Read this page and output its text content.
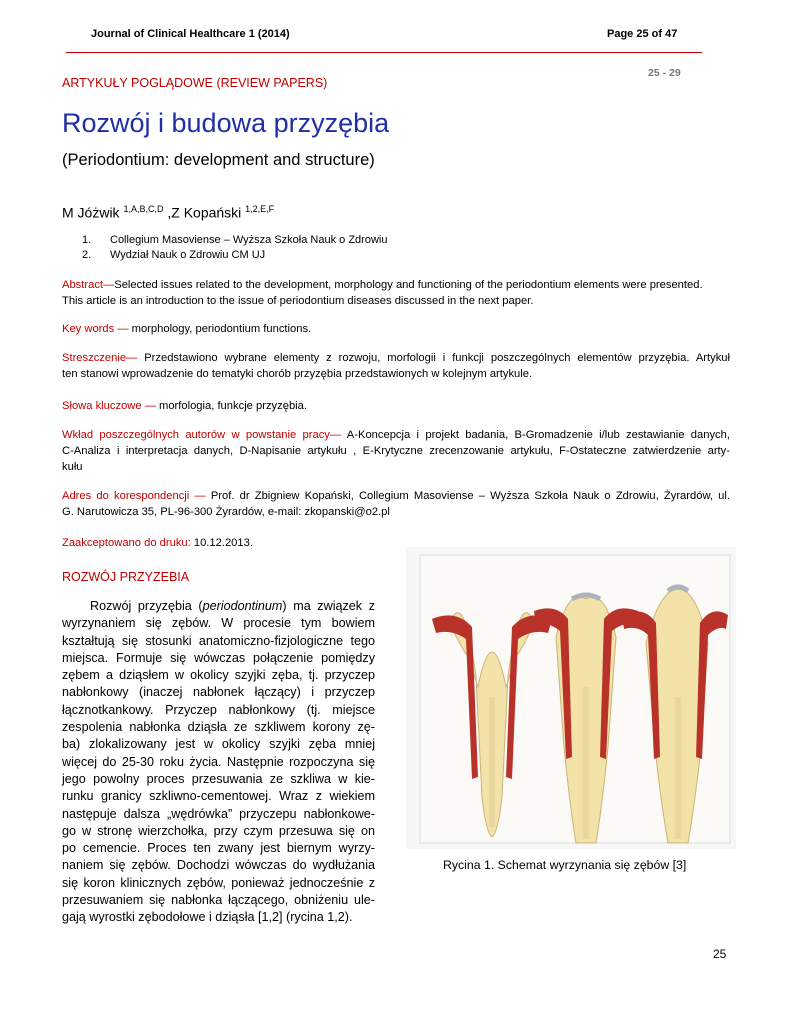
Journal of Clinical Healthcare 1 (2014)	Page 25 of 47
25 - 29
ARTYKUŁY POGLĄDOWE (REVIEW PAPERS)
Rozwój i budowa przyzębia
(Periodontium: development and structure)
M Jóżwik $^{1,A,B,C,D}$ ,Z Kopański $^{1,2,E,F}$
1. Collegium Masoviense – Wyższa Szkoła Nauk o Zdrowiu
2. Wydział Nauk o Zdrowiu CM UJ
Abstract—Selected issues related to the development, morphology and functioning of the periodontium elements were presented.
This article is an introduction to the issue of periodontium diseases discussed in the next paper.
Key words — morphology, periodontium functions.
Streszczenie— Przedstawiono wybrane elementy z rozwoju, morfologii i funkcji poszczególnych elementów przyzębia. Artykuł
ten stanowi wprowadzenie do tematyki chorób przyzębia przedstawionych w kolejnym artykule.
Słowa kluczowe — morfologia, funkcje przyzębia.
Wkład poszczególnych autorów w powstanie pracy— A-Koncepcja i projekt badania, B-Gromadzenie i/lub zestawianie danych,
C-Analiza i interpretacja danych, D-Napisanie artykułu , E-Krytyczne zrecenzowanie artykułu, F-Ostateczne zatwierdzenie arty-
kułu
Adres do korespondencji — Prof. dr Zbigniew Kopański, Collegium Masoviense – Wyższa Szkoła Nauk o Zdrowiu, Żyrardów, ul.
G. Narutowicza 35, PL-96-300 Żyrardów, e-mail: zkopanski@o2.pl
Zaakceptowano do druku: 10.12.2013.
ROZWÓJ PRZYZEBIA
Rozwój przyzębia (periodontinum) ma związek z
wyrzynaniem się zębów. W procesie tym bowiem
kształtują się stosunki anatomiczno-fizjologiczne tego
miejsca. Formuje się wówczas połączenie pomiędzy
zębem a dziąsłem w okolicy szyjki zęba, tj. przyczep
nabłonkowy (inaczej nabłonek łączący) i przyczep
łącznotkankowy. Przyczep nabłonkowy (tj. miejsce
zespolenia nabłonka dziąsła ze szkliwem korony zę-
ba) zlokalizowany jest w okolicy szyjki zęba mniej
więcej do 25-30 roku życia. Następnie rozpoczyna się
jego powolny proces przesuwania ze szkliwa w kie-
runku granicy szkliwno-cementowej. Wraz z wiekiem
następuje dalsza „wędrówka” przyczepu nabłonkowe-
go w stronę wierzchołka, przy czym przesuwa się on
po cemencie. Proces ten zwany jest biernym wyrzy-
naniem się zębów. Dochodzi wówczas do wydłużania
się koron klinicznych zębów, ponieważ jednocześnie z
przesuwaniem się nabłonka łączącego, obniżeniu ule-
gają wyrostki zębodołowe i dziąsła [1,2] (rycina 1,2).
Rycina 1. Schemat wyrzynania się zębów [3]
25
